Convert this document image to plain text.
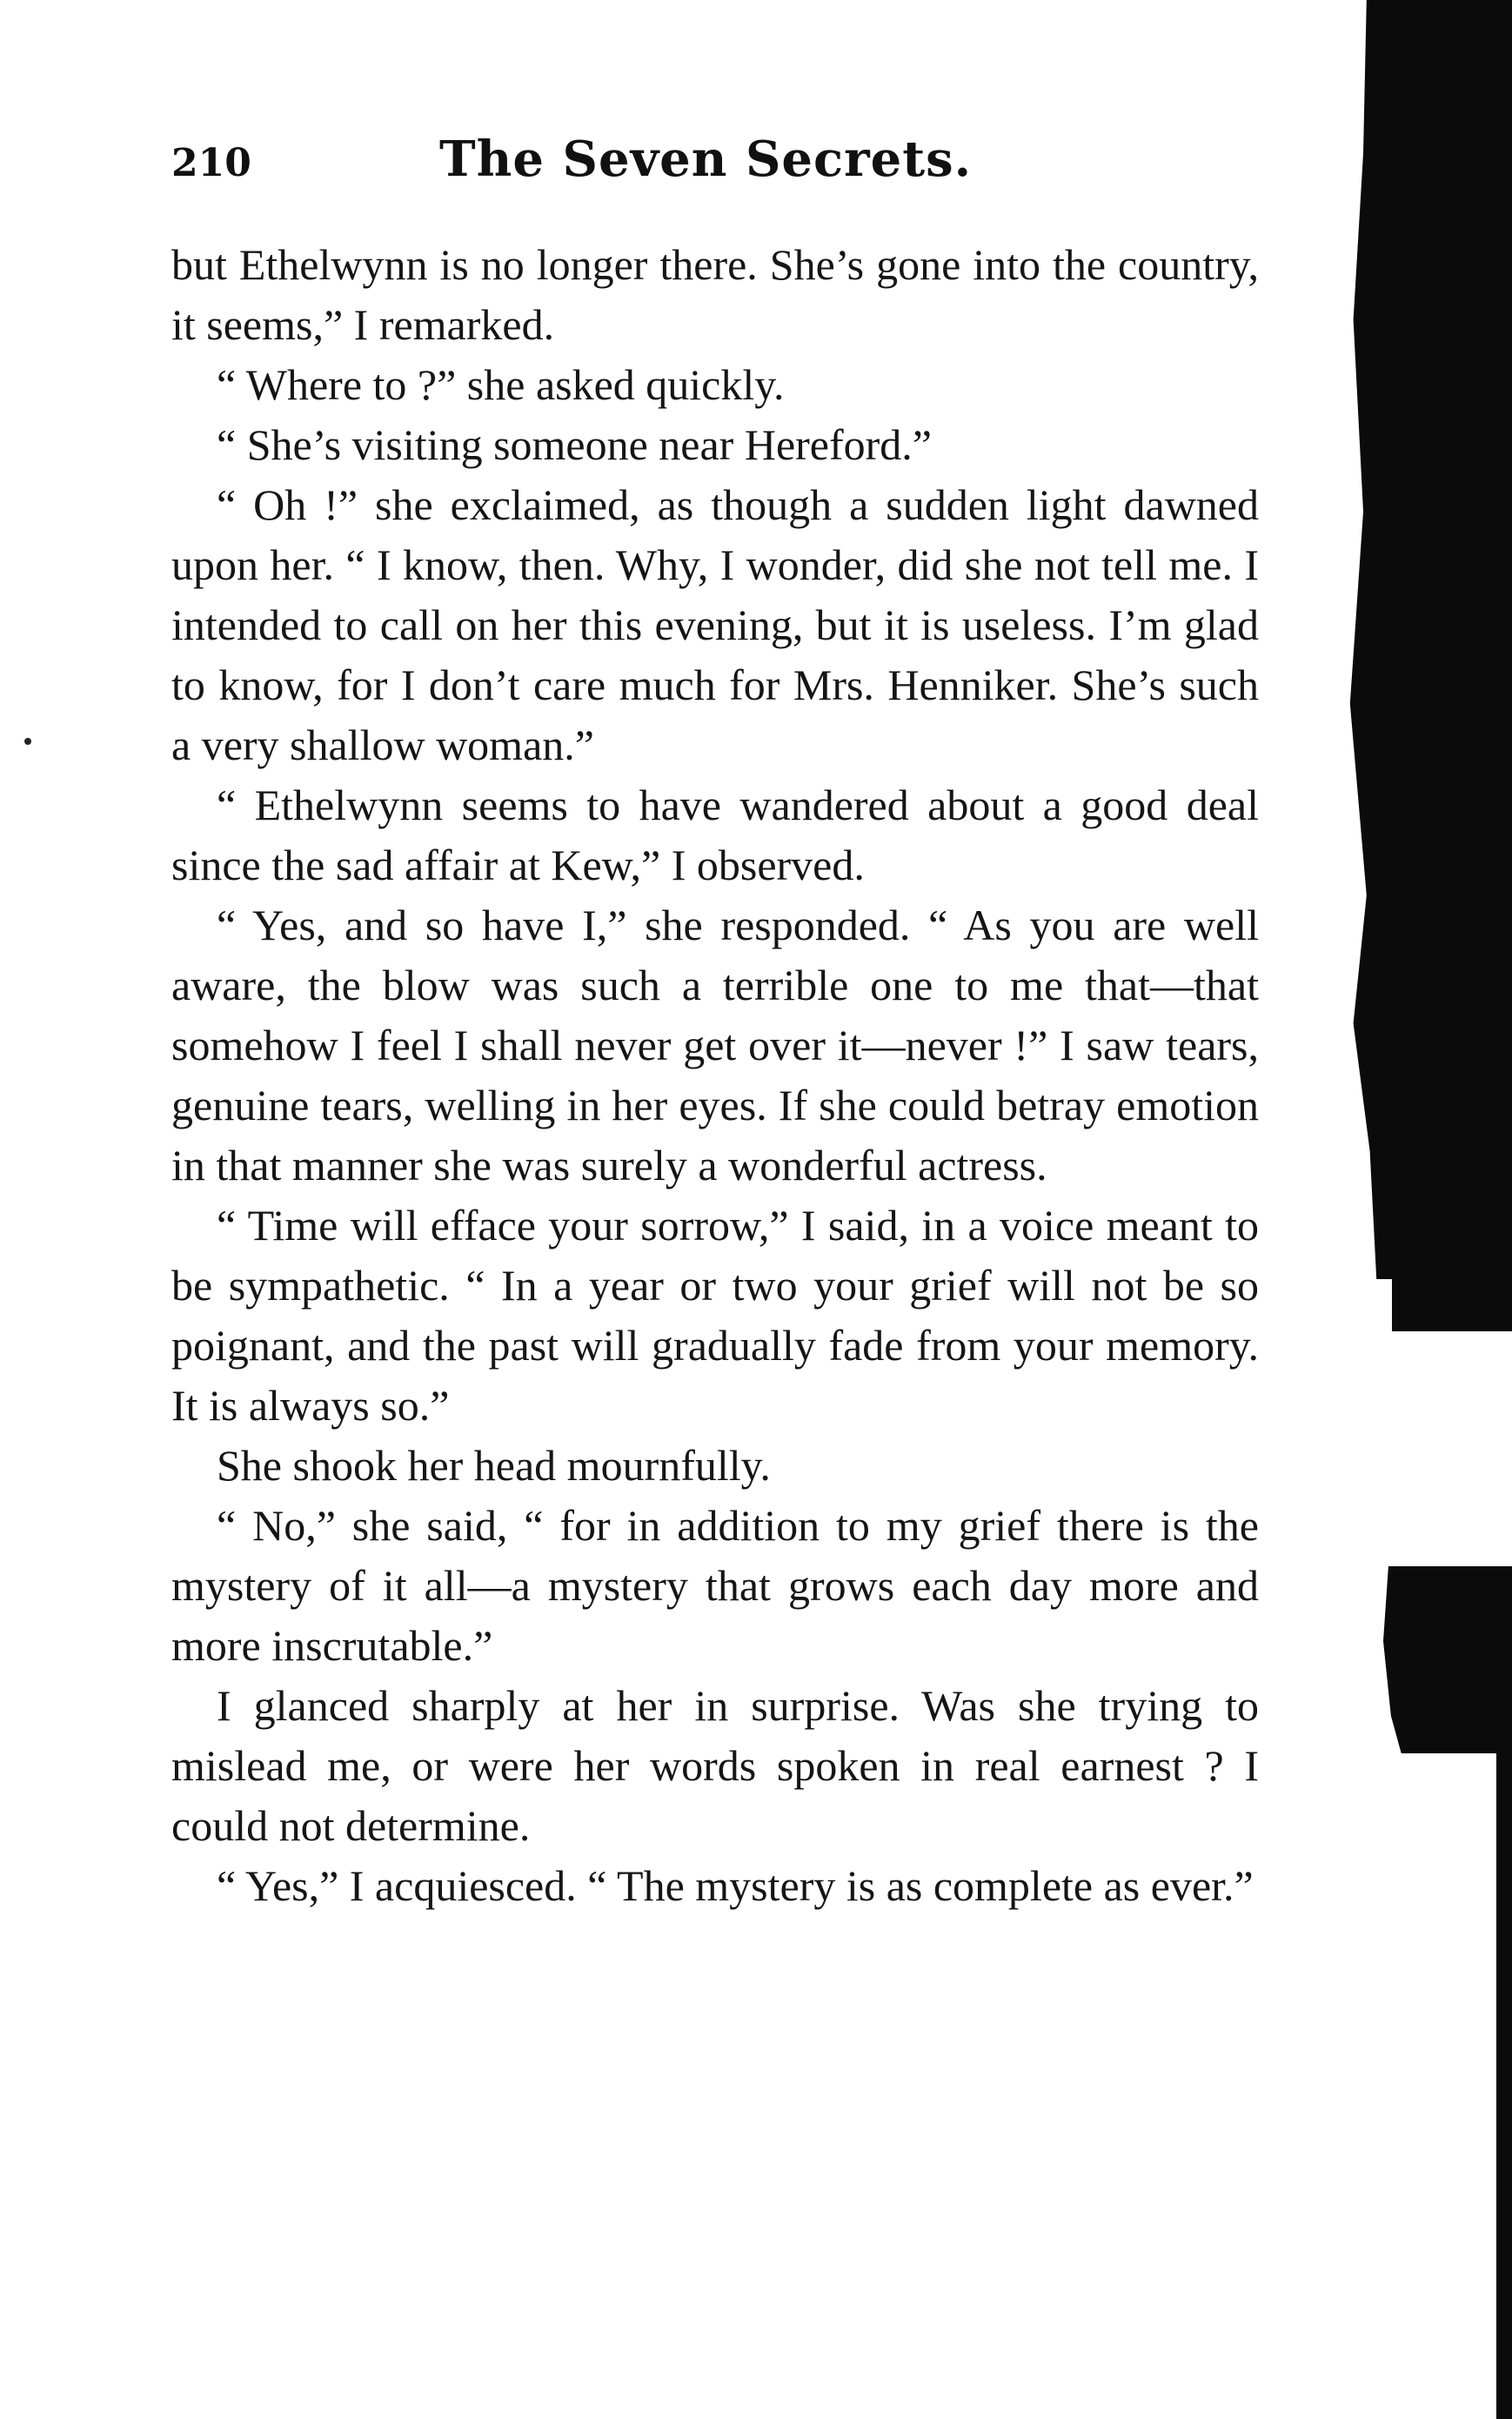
210	The Seven Secrets.

but Ethelwynn is no longer there. She’s gone into the country, it seems,” I remarked.

“ Where to ?” she asked quickly.

“ She’s visiting someone near Hereford.”

“ Oh !” she exclaimed, as though a sudden light dawned upon her. “ I know, then. Why, I wonder, did she not tell me. I intended to call on her this evening, but it is useless. I’m glad to know, for I don’t care much for Mrs. Henniker. She’s such a very shallow woman.”

“ Ethelwynn seems to have wandered about a good deal since the sad affair at Kew,” I observed.

“ Yes, and so have I,” she responded. “ As you are well aware, the blow was such a terrible one to me that—that somehow I feel I shall never get over it—never !” I saw tears, genuine tears, welling in her eyes. If she could betray emotion in that manner she was surely a wonderful actress.

“ Time will efface your sorrow,” I said, in a voice meant to be sympathetic. “ In a year or two your grief will not be so poignant, and the past will gradually fade from your memory. It is always so.”

She shook her head mournfully.

“ No,” she said, “ for in addition to my grief there is the mystery of it all—a mystery that grows each day more and more inscrutable.”

I glanced sharply at her in surprise. Was she trying to mislead me, or were her words spoken in real earnest ? I could not determine.

“ Yes,” I acquiesced. “ The mystery is as complete as ever.”
